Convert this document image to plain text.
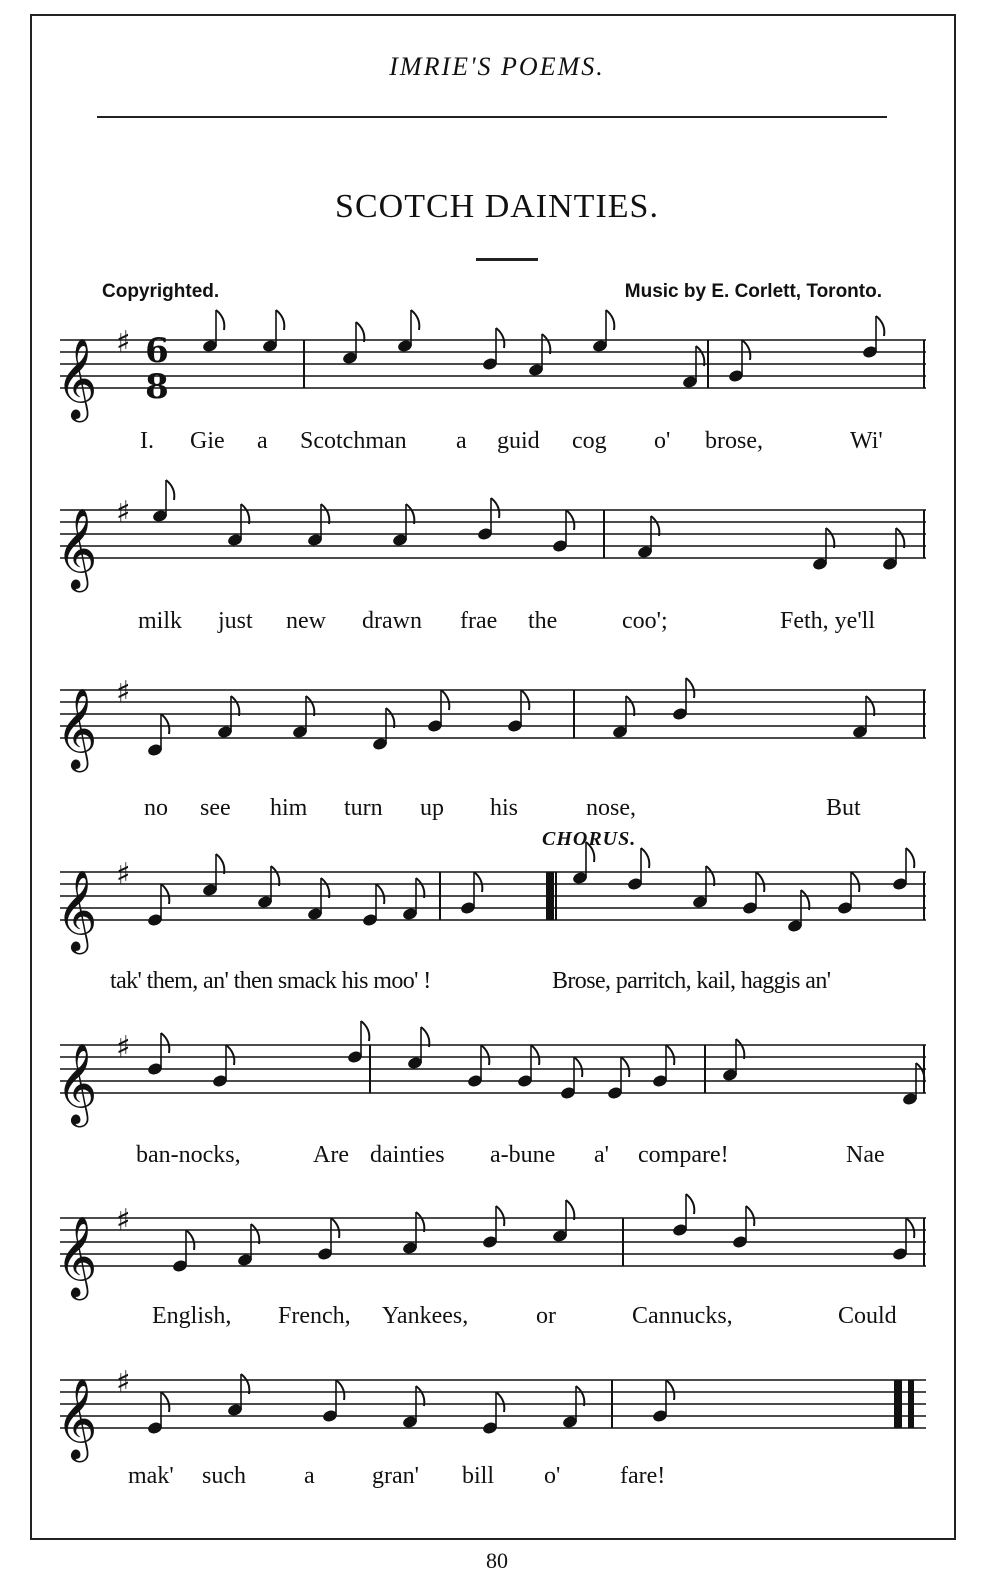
IMRIE'S POEMS.
SCOTCH DAINTIES.
Copyrighted.	Music by E. Corlett, Toronto.
𝄞 ♯
𝄞 ♯
𝄞 ♯
𝄞 ♯
𝄞 ♯
𝄞 ♯
𝄞 ♯
6
8
I. Gie a Scotchman a guid cog o' brose,	Wi'
milk just new drawn frae the	coo';	Feth, ye'll
no see him turn up his	nose,	But
CHORUS.
tak' them, an' then smack his moo' !	Brose, parritch, kail, haggis an'
ban-nocks,	Are dainties a-bune a' compare!	Nae
English, French, Yankees,	or	Cannucks,	Could
mak' such a gran' bill o' fare!
80
